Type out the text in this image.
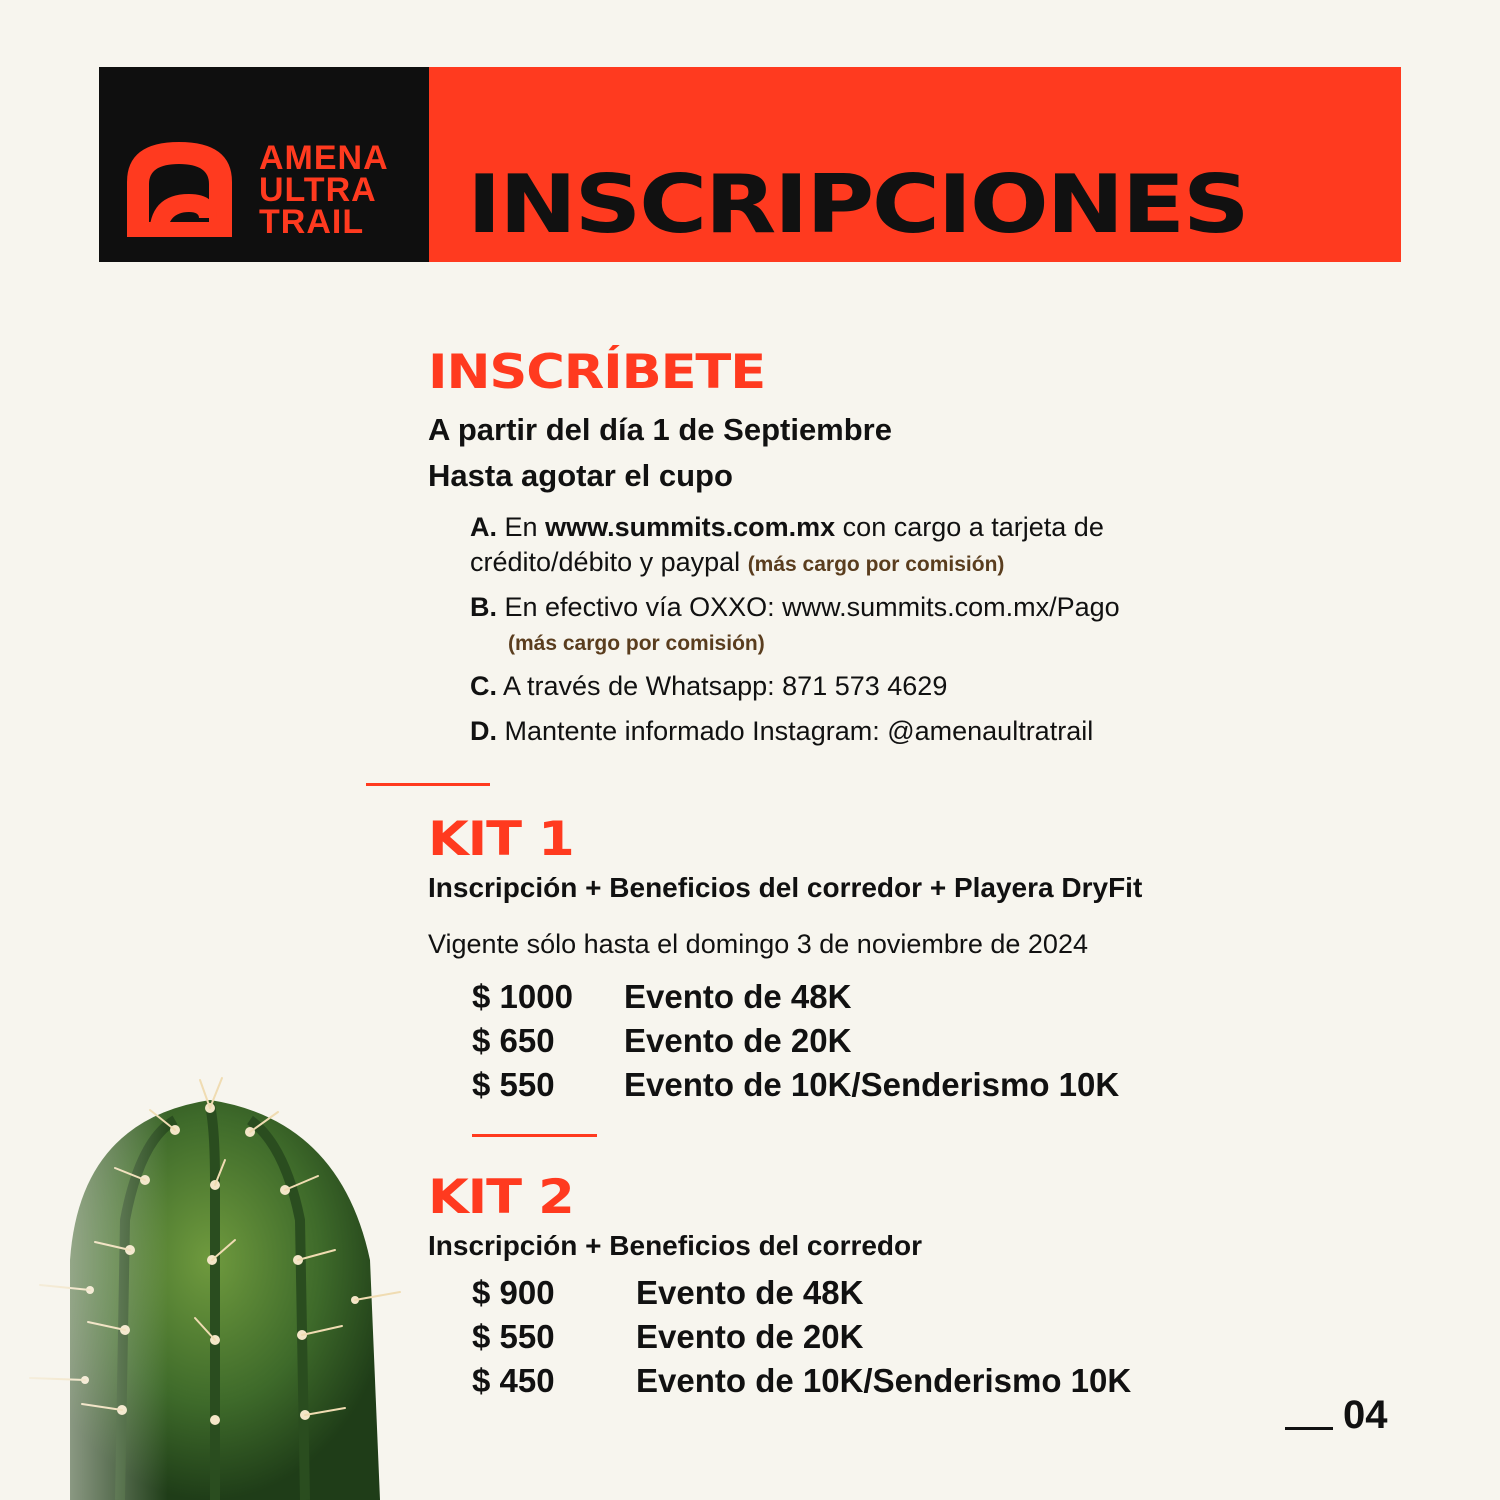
AMENA
ULTRA
TRAIL	INSCRIPCIONES
INSCRÍBETE
A partir del día 1 de Septiembre
Hasta agotar el cupo
A. En www.summits.com.mx con cargo a tarjeta de
crédito/débito y paypal (más cargo por comisión)
B. En efectivo vía OXXO: www.summits.com.mx/Pago
(más cargo por comisión)
C. A través de Whatsapp: 871 573 4629
D. Mantente informado Instagram: @amenaultratrail
KIT 1
Inscripción + Beneficios del corredor + Playera DryFit
Vigente sólo hasta el domingo 3 de noviembre de 2024
$ 1000 Evento de 48K
$ 650 Evento de 20K
$ 550 Evento de 10K/Senderismo 10K
KIT 2
Inscripción + Beneficios del corredor
$ 900 Evento de 48K
$ 550 Evento de 20K
$ 450 Evento de 10K/Senderismo 10K
04
